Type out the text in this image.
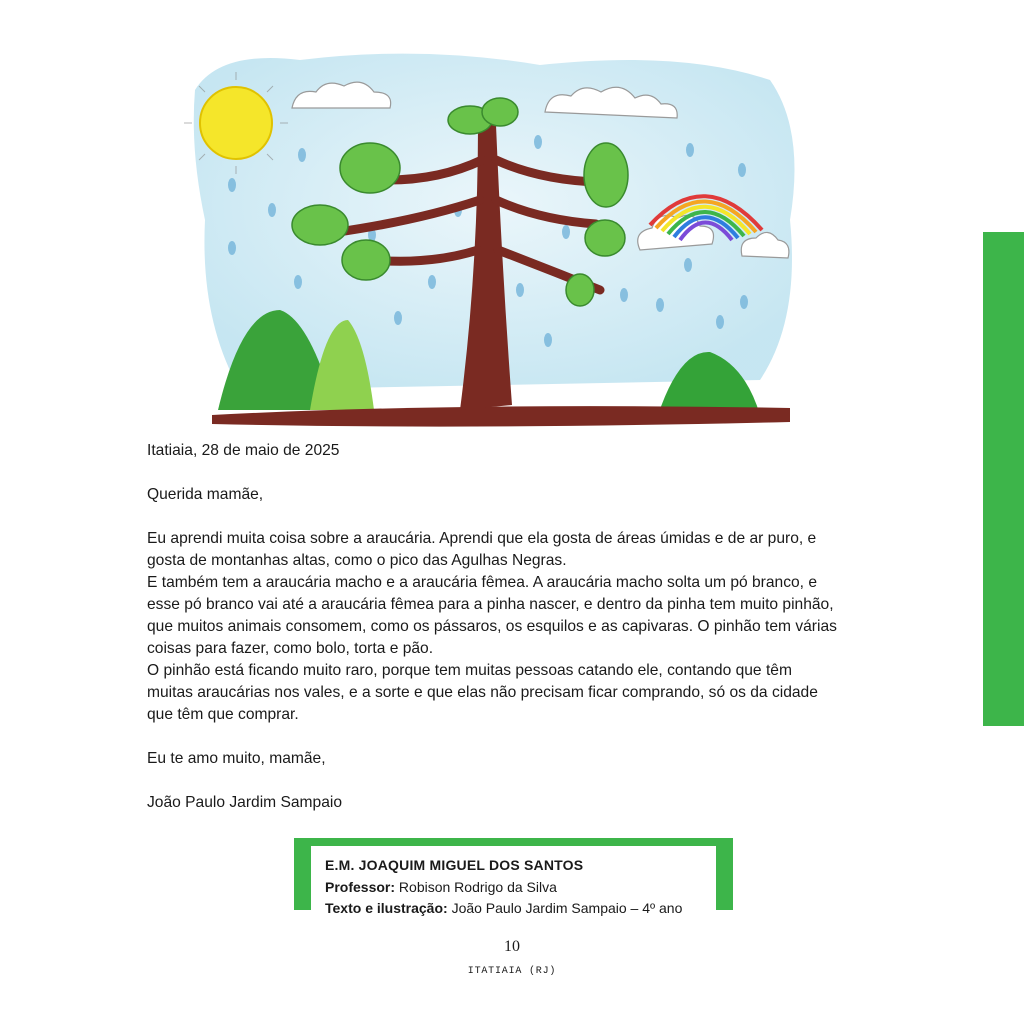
Itatiaia, 28 de maio de 2025

Querida mamãe,

Eu aprendi muita coisa sobre a araucária. Aprendi que ela gosta de áreas úmidas e de ar puro, e

gosta de montanhas altas, como o pico das Agulhas Negras.

E também tem a araucária macho e a araucária fêmea. A araucária macho solta um pó branco, e

esse pó branco vai até a araucária fêmea para a pinha nascer, e dentro da pinha tem muito pinhão,

que muitos animais consomem, como os pássaros, os esquilos e as capivaras. O pinhão tem várias

coisas para fazer, como bolo, torta e pão.

O pinhão está ficando muito raro, porque tem muitas pessoas catando ele, contando que têm

muitas araucárias nos vales, e a sorte e que elas não precisam ficar comprando, só os da cidade

que têm que comprar.

Eu te amo muito, mamãe,

João Paulo Jardim Sampaio

E.M. JOAQUIM MIGUEL DOS SANTOS
Professor: Robison Rodrigo da Silva
Texto e ilustração: João Paulo Jardim Sampaio – 4º ano
10
ITATIAIA (RJ)
